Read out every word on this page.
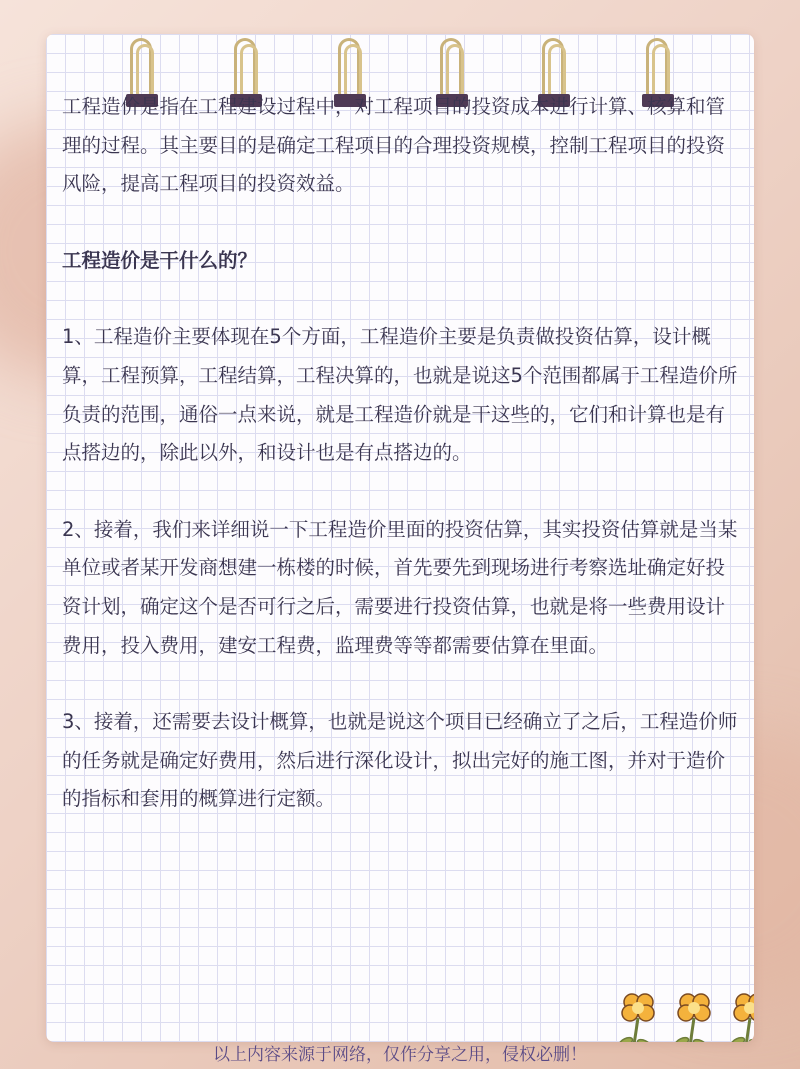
工程造价是指在工程建设过程中，对工程项目的投资成本进行计算、核算和管理的过程。其主要目的是确定工程项目的合理投资规模，控制工程项目的投资风险，提高工程项目的投资效益。

工程造价是干什么的？

1、工程造价主要体现在5个方面，工程造价主要是负责做投资估算，设计概算，工程预算，工程结算，工程决算的，也就是说这5个范围都属于工程造价所负责的范围，通俗一点来说，就是工程造价就是干这些的，它们和计算也是有点搭边的，除此以外，和设计也是有点搭边的。

2、接着，我们来详细说一下工程造价里面的投资估算，其实投资估算就是当某单位或者某开发商想建一栋楼的时候，首先要先到现场进行考察选址确定好投资计划，确定这个是否可行之后，需要进行投资估算，也就是将一些费用设计费用，投入费用，建安工程费，监理费等等都需要估算在里面。

3、接着，还需要去设计概算，也就是说这个项目已经确立了之后，工程造价师的任务就是确定好费用，然后进行深化设计，拟出完好的施工图，并对于造价的指标和套用的概算进行定额。

以上内容来源于网络，仅作分享之用，侵权必删！
